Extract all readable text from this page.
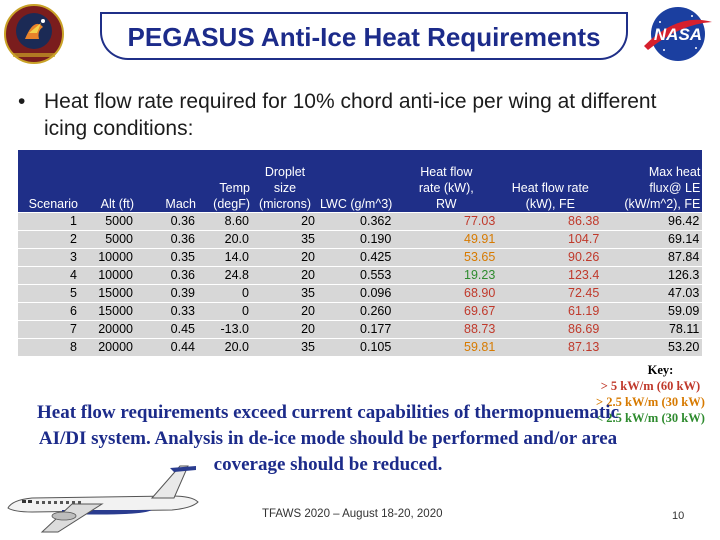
PEGASUS Anti-Ice Heat Requirements	NASA
• Heat flow rate required for 10% chord anti-ice per wing at different icing conditions:
Scenario	Alt (ft)	Mach	Temp
(degF)	Droplet
size
(microns)	LWC (g/m^3)	Heat flow
rate (kW),
RW	Heat flow rate
(kW), FE	Max heat
flux@ LE
(kW/m^2), FE
1	5000	0.36	8.60	20	0.362	77.03	86.38	96.42
2	5000	0.36	20.0	35	0.190	49.91	104.7	69.14
3	10000	0.35	14.0	20	0.425	53.65	90.26	87.84
4	10000	0.36	24.8	20	0.553	19.23	123.4	126.3
5	15000	0.39	0	35	0.096	68.90	72.45	47.03
6	15000	0.33	0	20	0.260	69.67	61.19	59.09
7	20000	0.45	-13.0	20	0.177	88.73	86.69	78.11
8	20000	0.44	20.0	35	0.105	59.81	87.13	53.20
Key:
> 5 kW/m (60 kW)
> 2.5 kW/m (30 kW)
< 2.5 kW/m (30 kW)
Heat flow requirements exceed current capabilities of thermopnuematic AI/DI system. Analysis in de-ice mode should be performed and/or area coverage should be reduced.
TFAWS 2020 – August 18-20, 2020	10
